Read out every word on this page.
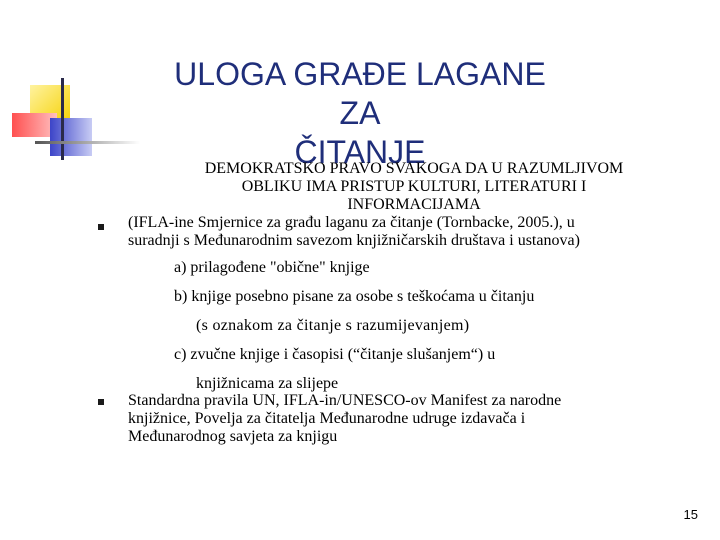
ULOGA GRAĐE LAGANE ZA
ČITANJE
DEMOKRATSKO PRAVO SVAKOGA DA U RAZUMLJIVOM
OBLIKU IMA PRISTUP KULTURI, LITERATURI I
INFORMACIJAMA
(IFLA-ine Smjernice za građu laganu za čitanje (Tornbacke, 2005.), u
suradnji s Međunarodnim savezom knjižničarskih društava i ustanova)
a) prilagođene "obične" knjige
b) knjige posebno pisane za osobe s teškoćama u čitanju
(s oznakom za čitanje s razumijevanjem)
c) zvučne knjige i časopisi (“čitanje slušanjem“) u
knjižnicama za slijepe
Standardna pravila UN, IFLA-in/UNESCO-ov Manifest za narodne
knjižnice, Povelja za čitatelja Međunarodne udruge izdavača i
Međunarodnog savjeta za knjigu
15
